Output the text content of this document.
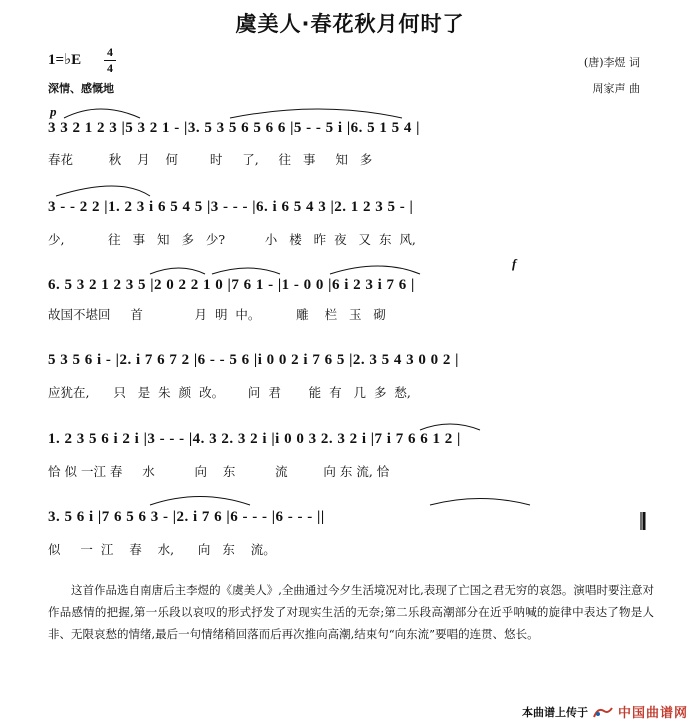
虞美人·春花秋月何时了
1=♭E 4
4
深情、感慨地
(唐)李煜 词
周家声 曲
p
3 3 2 1 2 3 |5 3 2 1 - |3. 5 3 5 6 5 6 6 |5 - - 5 i |6. 5 1 5 4 |
春花         秋    月    何        时     了,     往   事     知   多
3 - - 2 2 |1. 2 3 i 6 5 4 5 |3 - - - |6. i 6 5 4 3 |2. 1 2 3 5 - |
少,           往   事   知   多   少?          小   楼   昨  夜   又  东  风,
6. 5 3 2 1 2 3 5 |2 0 2 2 1 0 |7 6 1 - |1 - 0 0 |6 i 2 3 i 7 6 |
故国不堪回     首             月  明  中。         雕    栏   玉   砌
f
5 3 5 6 i - |2. i 7 6 7 2 |6 - - 5 6 |i 0 0 2 i 7 6 5 |2. 3 5 4 3 0 0 2 |
应犹在,      只   是  朱  颜  改。      问  君       能  有   几  多  愁,
1. 2 3 5 6 i 2 i |3 - - - |4. 3 2. 3 2 i |i 0 0 3 2. 3 2 i |7 i 7 6 6 1 2 |
恰 似 一江 春     水          向    东          流         向 东 流, 恰
3. 5 6 i |7 6 5 6 3 - |2. i 7 6 |6 - - - |6 - - - ||
似     一  江    春    水,      向   东    流。
这首作品选自南唐后主李煜的《虞美人》,全曲通过今夕生活境况对比,表现了亡国之君无穷的哀怨。演唱时要注意对作品感情的把握,第一乐段以哀叹的形式抒发了对现实生活的无奈;第二乐段高潮部分在近乎呐喊的旋律中表达了物是人非、无限哀愁的情绪,最后一句情绪稍回落而后再次推向高潮,结束句“向东流”要唱的连贯、悠长。
本曲谱上传于 中国曲谱网
